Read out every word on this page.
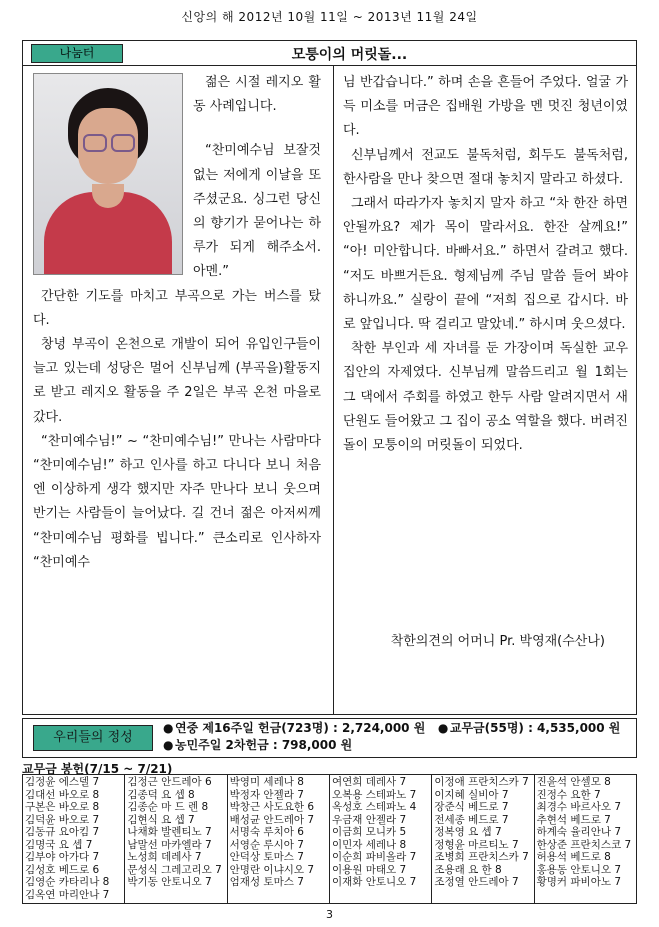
신앙의 해 2012년 10월 11일 ~ 2013년 11월 24일
모퉁이의 머릿돌...
나눔터

젊은 시절 레지오 활동 사례입니다.

“찬미예수님 보잘것 없는 저에게 이날을 또 주셨군요. 싱그런 당신의 향기가 묻어나는 하루가 되게 해주소서. 아멘.”

간단한 기도를 마치고 부곡으로 가는 버스를 탔다.

창녕 부곡이 온천으로 개발이 되어 유입인구들이 늘고 있는데 성당은 멀어 신부님께 (부곡을)활동지로 받고 레지오 활동을 주 2일은 부곡 온천 마을로 갔다.

“찬미예수님!” ~ “찬미예수님!” 만나는 사람마다 “찬미예수님!” 하고 인사를 하고 다니다 보니 처음엔 이상하게 생각 했지만 자주 만나다 보니 웃으며 반기는 사람들이 늘어났다. 길 건너 젊은 아저씨께 “찬미예수님 평화를 빕니다.” 큰소리로 인사하자 “찬미예수

님 반갑습니다.” 하며 손을 흔들어 주었다. 얼굴 가득 미소를 머금은 집배원 가방을 멘 멋진 청년이였다.

신부님께서 전교도 불독처럼, 회두도 불독처럼, 한사람을 만나 찾으면 절대 놓치지 말라고 하셨다.

그래서 따라가자 놓치지 말자 하고 “차 한잔 하면 안될까요? 제가 목이 말라서요. 한잔 살께요!” “아! 미안합니다. 바빠서요.” 하면서 갈려고 했다. “저도 바쁘거든요. 형제님께 주님 말씀 들어 봐야 하니까요.” 실랑이 끝에 “저희 집으로 갑시다. 바로 앞입니다. 딱 걸리고 말았네.” 하시며 웃으셨다.

착한 부인과 세 자녀를 둔 가장이며 독실한 교우집안의 자제였다. 신부님께 말씀드리고 월 1회는 그 댁에서 주회를 하였고 한두 사람 알려지면서 새 단원도 들어왔고 그 집이 공소 역할을 했다. 버려진 돌이 모퉁이의 머릿돌이 되었다.

착한의견의 어머니 Pr. 박영재(수산나)
우리들의 정성
● 연중 제16주일 헌금(723명) : 2,724,000 원 ● 교무금(55명) : 4,535,000 원
● 농민주일 2차헌금 : 798,000 원
교무금 봉헌(7/15 ~ 7/21)
김정윤 에스델 7
김대선 바오로 8
구본은 바오로 8
김덕윤 바오로 7
김동규 요아킴 7
김명국 요 셉 7
김부야 아가다 7
김성호 베드로 6
김영순 카타리나 8
김옥연 마리안나 7
김정근 안드레아 6
김종덕 요 셉 8
김종순 마 드 렌 8
김현식 요 셉 7
나채화 발렌티노 7
남말선 마카엘라 7
노성희 데레사 7
문성식 그레고리오 7
박기동 안토니오 7
박영미 세레나 8
박정자 안젤라 7
박창근 사도요한 6
배성균 안드레아 7
서명숙 루치아 6
서영순 루시아 7
안덕상 토마스 7
안명란 이냐시오 7
엄재성 토마스 7
여연희 데레사 7
오복용 스테파노 7
옥성호 스테파노 4
우금재 안젤라 7
이금희 모니카 5
이민자 세레나 8
이순희 파비올라 7
이용원 마태오 7
이재화 안토니오 7
이정애 프란치스카 7
이지혜 실비아 7
장준식 베드로 7
전세종 베드로 7
정복영 요 셉 7
정형윤 마르티노 7
조병희 프란치스카 7
조용래 요 한 8
조정열 안드레아 7
진윤석 안셀모 8
진정수 요한 7
최경수 바르사오 7
추현석 베드로 7
하계숙 율리안나 7
한상준 프란치스코 7
허용석 베드로 8
홍용동 안토니오 7
황명커 파비아노 7
3
